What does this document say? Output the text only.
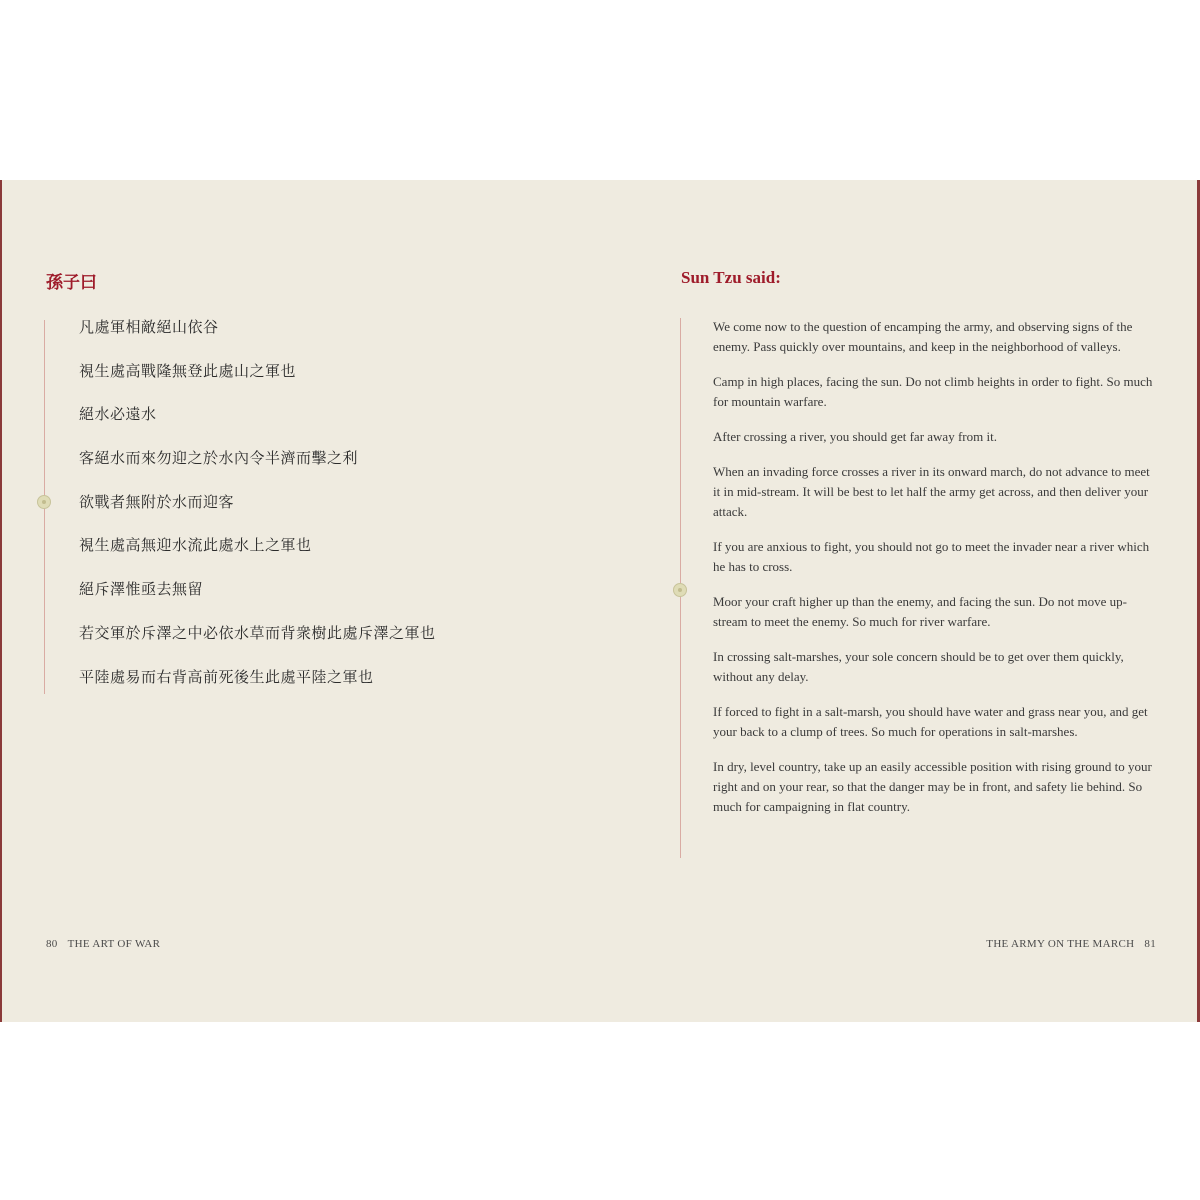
孫子曰
凡處軍相敵絕山依谷
視生處高戰隆無登此處山之軍也
絕水必遠水
客絕水而來勿迎之於水內令半濟而擊之利
欲戰者無附於水而迎客
視生處高無迎水流此處水上之軍也
絕斥澤惟亟去無留
若交軍於斥澤之中必依水草而背衆樹此處斥澤之軍也
平陸處易而右背高前死後生此處平陸之軍也
Sun Tzu said:
We come now to the question of encamping the army, and observing signs of the enemy. Pass quickly over mountains, and keep in the neighborhood of valleys.
Camp in high places, facing the sun. Do not climb heights in order to fight. So much for mountain warfare.
After crossing a river, you should get far away from it.
When an invading force crosses a river in its onward march, do not advance to meet it in mid-stream. It will be best to let half the army get across, and then deliver your attack.
If you are anxious to fight, you should not go to meet the invader near a river which he has to cross.
Moor your craft higher up than the enemy, and facing the sun. Do not move up-stream to meet the enemy. So much for river warfare.
In crossing salt-marshes, your sole concern should be to get over them quickly, without any delay.
If forced to fight in a salt-marsh, you should have water and grass near you, and get your back to a clump of trees. So much for operations in salt-marshes.
In dry, level country, take up an easily accessible position with rising ground to your right and on your rear, so that the danger may be in front, and safety lie behind. So much for campaigning in flat country.
80 THE ART OF WAR	THE ARMY ON THE MARCH 81
